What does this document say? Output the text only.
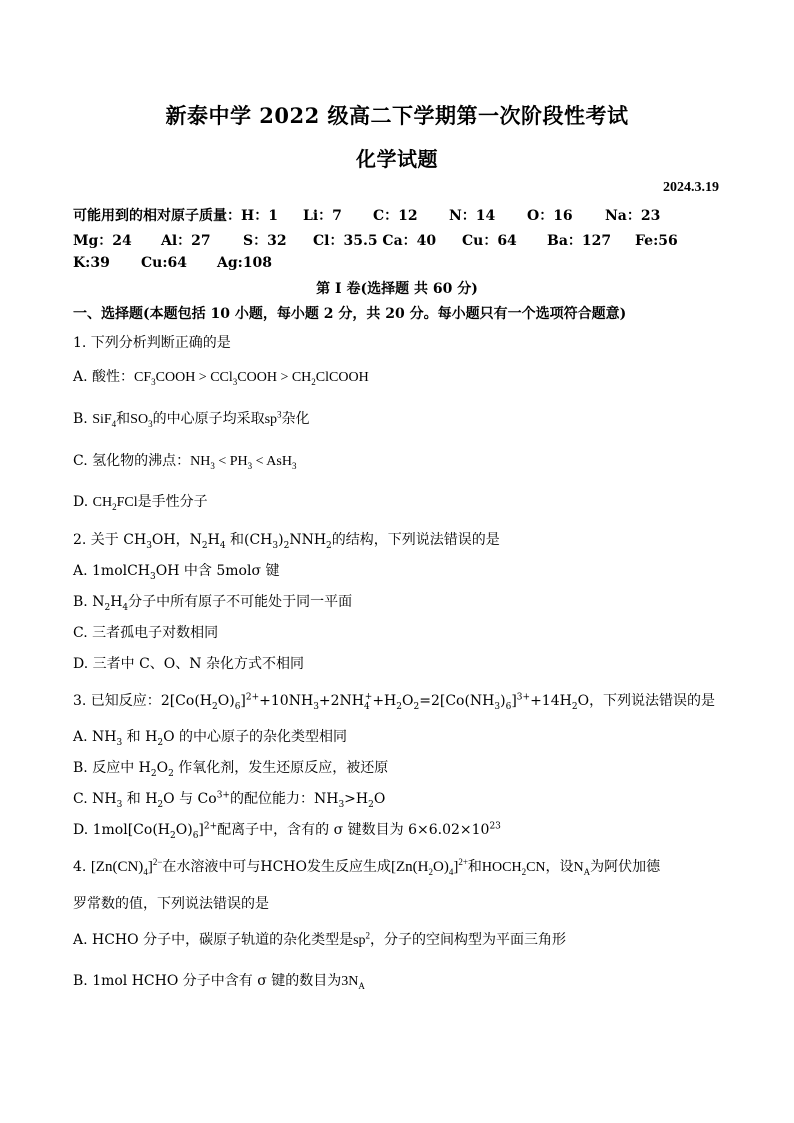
新泰中学 2022 级高二下学期第一次阶段性考试
化学试题
2024.3.19
可能用到的相对原子质量：H：1 Li：7 C：12 N：14 O：16 Na：23
Mg：24 Al：27 S：32 Cl：35.5 Ca：40 Cu：64 Ba：127 Fe:56
K:39 Cu:64 Ag:108
第 I 卷(选择题 共 60 分)
一、选择题(本题包括 10 小题，每小题 2 分，共 20 分。每小题只有一个选项符合题意)
1. 下列分析判断正确的是
A. 酸性：$CF_3COOH$ > CCl$_3$COOH > $CH_2ClCOOH$
B. SiF$_4$和$SO_3$的中心原子均采取$sp^3$杂化
C. 氢化物的沸点：$NH_3 < PH_3 < AsH_3$
D. $CH_2FCl$是手性分子
2. 关于 $CH_3OH$，$N_2H_4$ 和$(CH_3)_2NNH_2$的结构，下列说法错误的是
A. 1molCH$_3$OH 中含 5molσ 键
B. $N_2H_4$分子中所有原子不可能处于同一平面
C. 三者孤电子对数相同
D. 三者中 C、O、N 杂化方式不相同
3. 已知反应：$2[Co(H_2O)_6]^{2+}+10NH_3+2NH_4^++H_2O_2=2[Co(NH_3)_6]^{3+}+14H_2O$，下列说法错误的是
A. $NH_3$ 和 $H_2O$ 的中心原子的杂化类型相同
B. 反应中 $H_2O_2$ 作氧化剂，发生还原反应，被还原
C. $NH_3$ 和 $H_2O$ 与 $Co^{3+}$的配位能力：$NH_3>H_2O$
D. $1mol[Co(H_2O)_6]^{2+}$配离子中，含有的 σ 键数目为 $6\times 6.02\times 10^{23}$
4. $[Zn(CN)_4]^{2-}$在水溶液中可与HCHO发生反应生成$[Zn(H_2O)_4]^{2+}$和$HOCH_2CN$，设$N_A$为阿伏加德
罗常数的值，下列说法错误的是
A. HCHO 分子中，碳原子轨道的杂化类型是$sp^2$，分子的空间构型为平面三角形
B. 1mol HCHO 分子中含有 σ 键的数目为$3N_A$
